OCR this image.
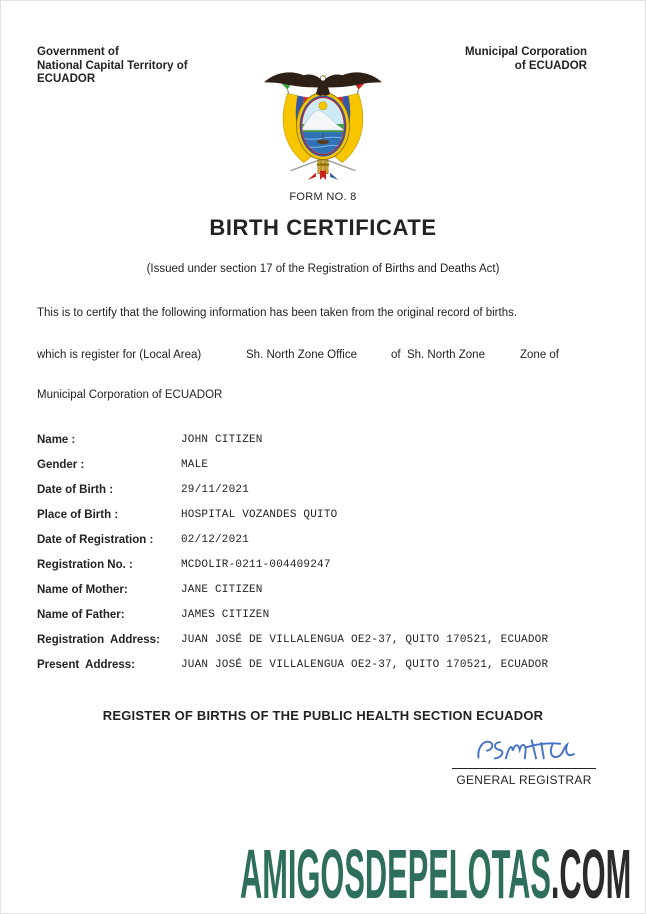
Government of
National Capital Territory of
ECUADOR
Municipal Corporation
of ECUADOR
FORM NO. 8
BIRTH CERTIFICATE
(Issued under section 17 of the Registration of Births and Deaths Act)
This is to certify that the following information has been taken from the original record of births.

which is register for (Local Area)

	Sh. North Zone Office

	of  Sh. North Zone

	Zone of

Municipal Corporation of ECUADOR
Name :	JOHN CITIZEN
Gender :	MALE
Date of Birth :	29/11/2021
Place of Birth :	HOSPITAL VOZANDES QUITO
Date of Registration :	02/12/2021
Registration No. :	MCDOLIR-0211-004409247
Name of Mother:	JANE CITIZEN
Name of Father:	JAMES CITIZEN
Registration  Address:	JUAN JOSÉ DE VILLALENGUA OE2-37, QUITO 170521, ECUADOR
Present  Address:	JUAN JOSÉ DE VILLALENGUA OE2-37, QUITO 170521, ECUADOR
REGISTER OF BIRTHS OF THE PUBLIC HEALTH SECTION ECUADOR
GENERAL REGISTRAR
AMIGOSDEPELOTAS.COM
